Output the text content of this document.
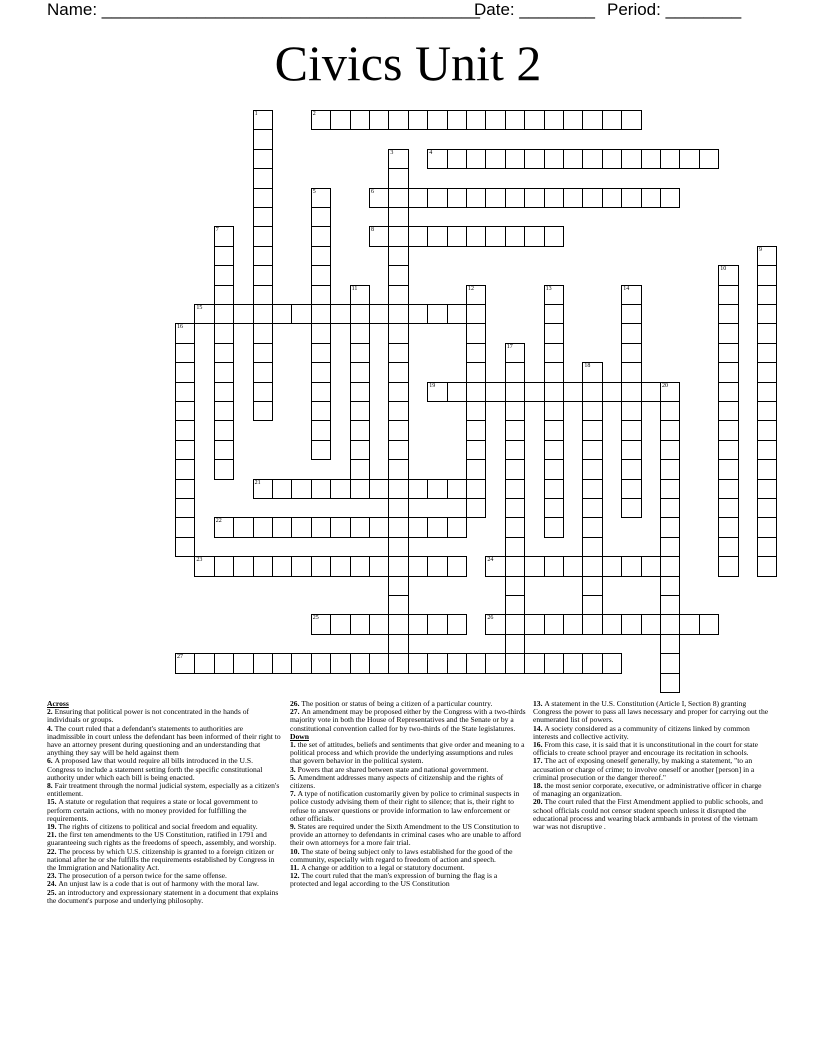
Name: ________________________________________
Date: ________ Period: ________
Civics Unit 2
1	2
3	4
5	6
7	8
9
10
11	12	13	14
15
16
17
18
19	20
21
22
23	24
25	26
27
Across
2. Ensuring that political power is not concentrated in the hands of individuals or groups.
4. The court ruled that a defendant's statements to authorities are inadmissible in court unless the defendant has been informed of their right to have an attorney present during questioning and an understanding that anything they say will be held against them
6. A proposed law that would require all bills introduced in the U.S. Congress to include a statement setting forth the specific constitutional authority under which each bill is being enacted.
8. Fair treatment through the normal judicial system, especially as a citizen's entitlement.
15. A statute or regulation that requires a state or local government to perform certain actions, with no money provided for fulfilling the requirements.
19. The rights of citizens to political and social freedom and equality.
21. the first ten amendments to the US Constitution, ratified in 1791 and guaranteeing such rights as the freedoms of speech, assembly, and worship.
22. The process by which U.S. citizenship is granted to a foreign citizen or national after he or she fulfills the requirements established by Congress in the Immigration and Nationality Act.
23. The prosecution of a person twice for the same offense.
24. An unjust law is a code that is out of harmony with the moral law.
25. an introductory and expressionary statement in a document that explains the document's purpose and underlying philosophy.
26. The position or status of being a citizen of a particular country.
27. An amendment may be proposed either by the Congress with a two-thirds majority vote in both the House of Representatives and the Senate or by a constitutional convention called for by two-thirds of the State legislatures.
Down
1. the set of attitudes, beliefs and sentiments that give order and meaning to a political process and which provide the underlying assumptions and rules that govern behavior in the political system.
3. Powers that are shared between state and national government.
5. Amendment addresses many aspects of citizenship and the rights of citizens.
7. A type of notification customarily given by police to criminal suspects in police custody advising them of their right to silence; that is, their right to refuse to answer questions or provide information to law enforcement or other officials.
9. States are required under the Sixth Amendment to the US Constitution to provide an attorney to defendants in criminal cases who are unable to afford their own attorneys for a more fair trial.
10. The state of being subject only to laws established for the good of the community, especially with regard to freedom of action and speech.
11. A change or addition to a legal or statutory document.
12. The court ruled that the man's expression of burning the flag is a protected and legal according to the US Constitution
13. A statement in the U.S. Constitution (Article I, Section 8) granting Congress the power to pass all laws necessary and proper for carrying out the enumerated list of powers.
14. A society considered as a community of citizens linked by common interests and collective activity.
16. From this case, it is said that it is unconstitutional in the court for state officials to create school prayer and encourage its recitation in schools.
17. The act of exposing oneself generally, by making a statement, "to an accusation or charge of crime; to involve oneself or another [person] in a criminal prosecution or the danger thereof."
18. the most senior corporate, executive, or administrative officer in charge of managing an organization.
20. The court ruled that the First Amendment applied to public schools, and school officials could not censor student speech unless it disrupted the educational process and wearing black armbands in protest of the vietnam war was not disruptive .
